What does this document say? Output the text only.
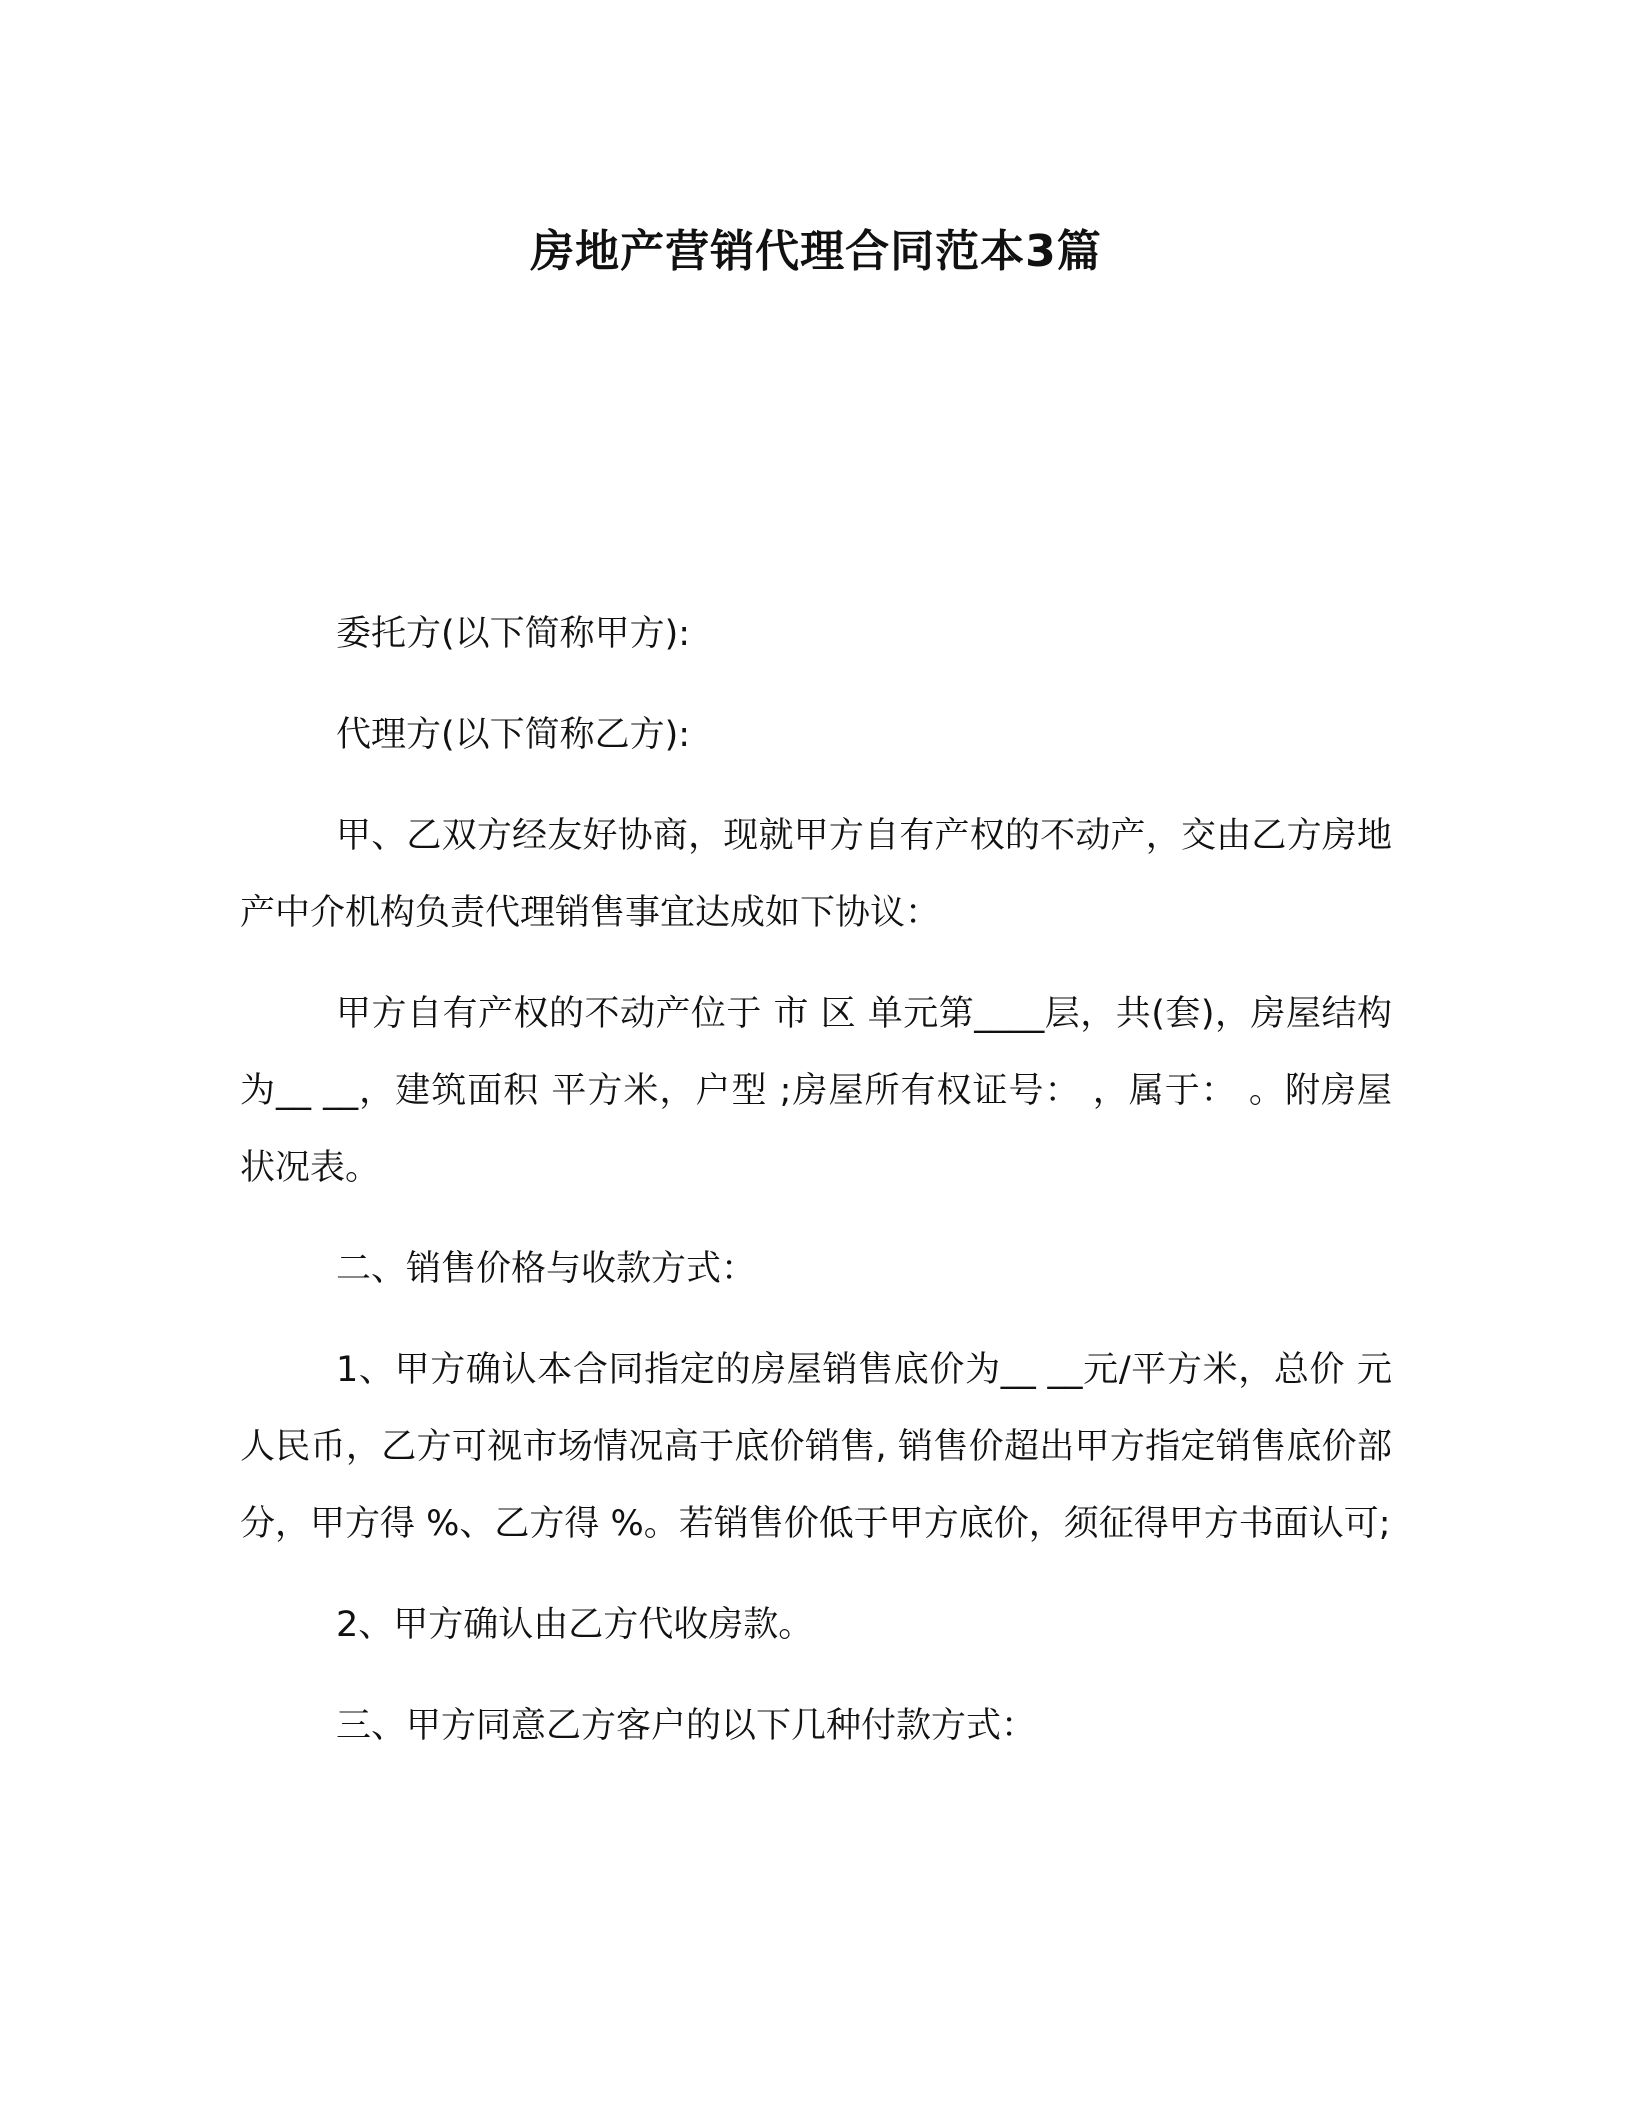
房地产营销代理合同范本3篇

委托方(以下简称甲方):

代理方(以下简称乙方):

甲、乙双方经友好协商，现就甲方自有产权的不动产，交由乙方房地产中介机构负责代理销售事宜达成如下协议：

甲方自有产权的不动产位于 市 区 单元第____层，共(套)，房屋结构为__ __，建筑面积 平方米，户型 ;房屋所有权证号： ，属于： 。附房屋状况表。

二、销售价格与收款方式：

1、甲方确认本合同指定的房屋销售底价为__ __元/平方米，总价 元人民币，乙方可视市场情况高于底价销售, 销售价超出甲方指定销售底价部分，甲方得 %、乙方得 %。若销售价低于甲方底价，须征得甲方书面认可;

2、甲方确认由乙方代收房款。

三、甲方同意乙方客户的以下几种付款方式：
